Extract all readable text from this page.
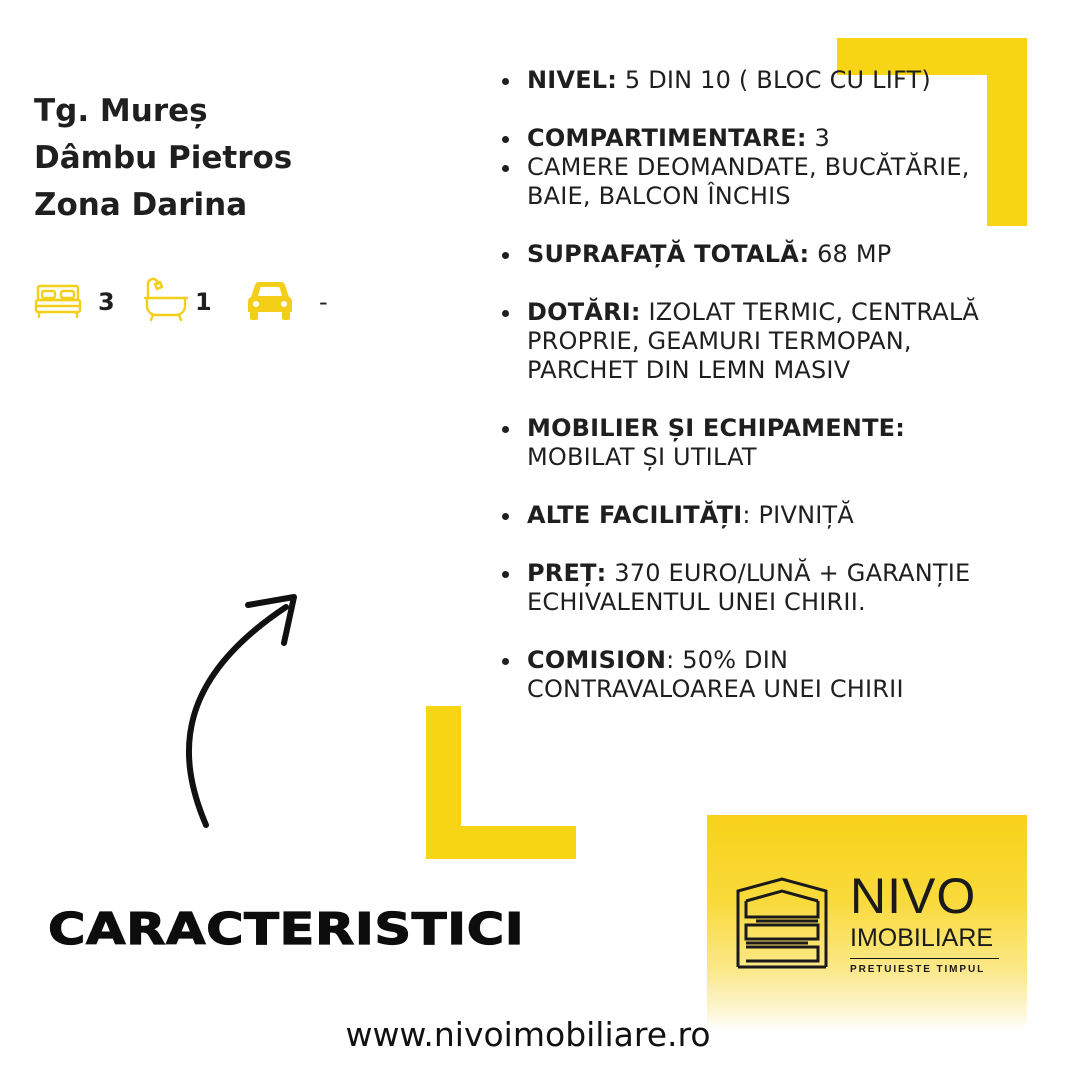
Tg. Mureș
Dâmbu Pietros
Zona Darina
3	1	-
NIVEL: 5 DIN 10 ( BLOC CU LIFT)
COMPARTIMENTARE: 3
CAMERE DEOMANDATE, BUCĂTĂRIE, BAIE, BALCON ÎNCHIS
SUPRAFAȚĂ TOTALĂ: 68 MP
DOTĂRI: IZOLAT TERMIC, CENTRALĂ PROPRIE, GEAMURI TERMOPAN, PARCHET DIN LEMN MASIV
MOBILIER ȘI ECHIPAMENTE:
MOBILAT ȘI UTILAT
ALTE FACILITĂȚI: PIVNIȚĂ
PREȚ: 370 EURO/LUNĂ + GARANȚIE ECHIVALENTUL UNEI CHIRII.
COMISION: 50% DIN CONTRAVALOAREA UNEI CHIRII
CARACTERISTICI
NIVO
IMOBILIARE
PRETUIESTE TIMPUL
www.nivoimobiliare.ro
